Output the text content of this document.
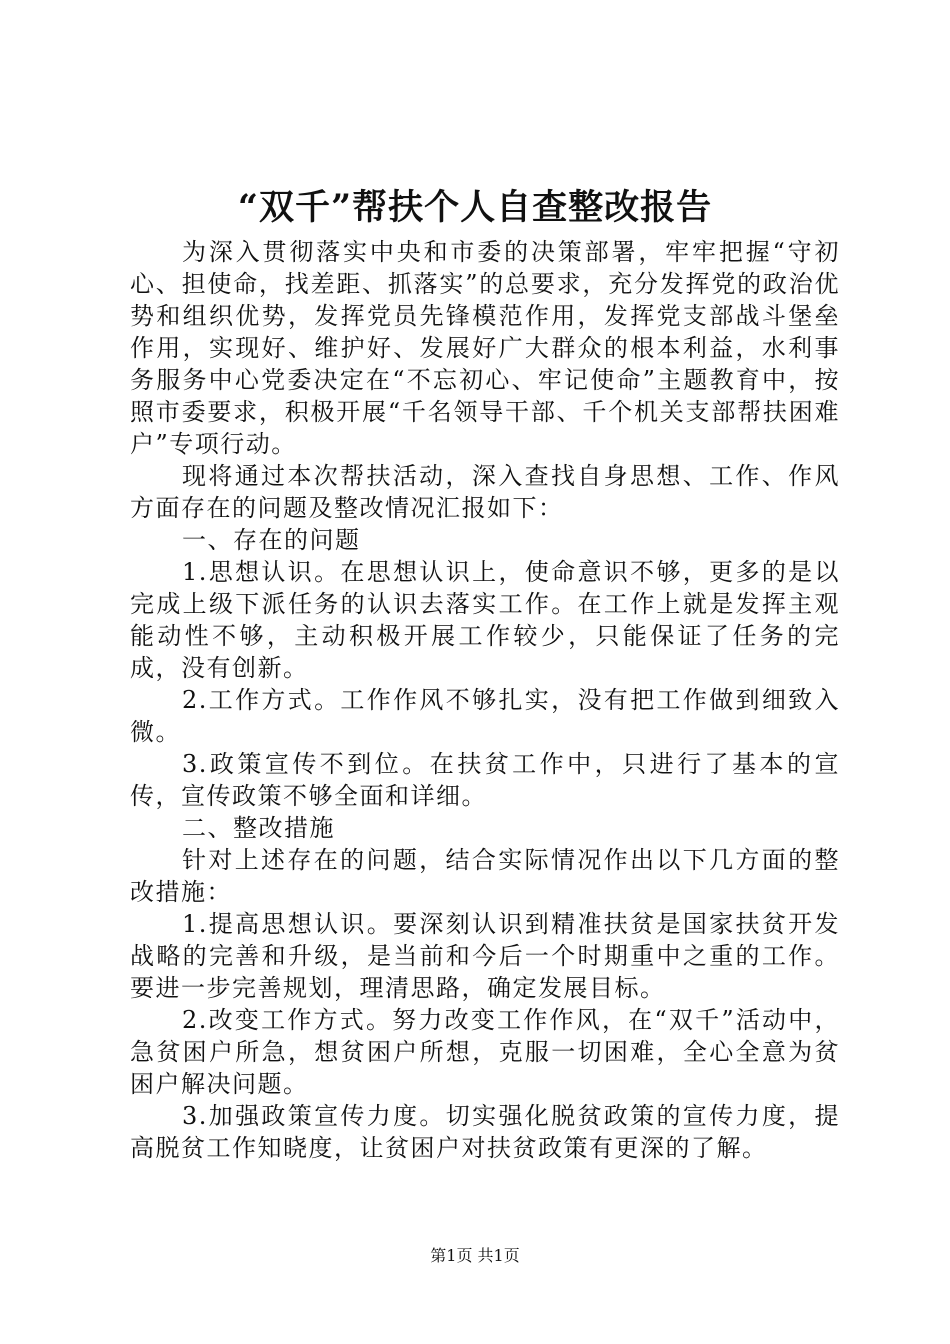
“双千”帮扶个人自查整改报告

为深入贯彻落实中央和市委的决策部署，牢牢把握“守初心、担使命，找差距、抓落实”的总要求，充分发挥党的政治优势和组织优势，发挥党员先锋模范作用，发挥党支部战斗堡垒作用，实现好、维护好、发展好广大群众的根本利益，水利事务服务中心党委决定在“不忘初心、牢记使命”主题教育中，按照市委要求，积极开展“千名领导干部、千个机关支部帮扶困难户”专项行动。

现将通过本次帮扶活动，深入查找自身思想、工作、作风方面存在的问题及整改情况汇报如下：

一、存在的问题

1.思想认识。在思想认识上，使命意识不够，更多的是以完成上级下派任务的认识去落实工作。在工作上就是发挥主观能动性不够，主动积极开展工作较少，只能保证了任务的完成，没有创新。

2.工作方式。工作作风不够扎实，没有把工作做到细致入微。

3.政策宣传不到位。在扶贫工作中，只进行了基本的宣传，宣传政策不够全面和详细。

二、整改措施

针对上述存在的问题，结合实际情况作出以下几方面的整改措施：

1.提高思想认识。要深刻认识到精准扶贫是国家扶贫开发战略的完善和升级，是当前和今后一个时期重中之重的工作。要进一步完善规划，理清思路，确定发展目标。

2.改变工作方式。努力改变工作作风，在“双千”活动中，急贫困户所急，想贫困户所想，克服一切困难，全心全意为贫困户解决问题。

3.加强政策宣传力度。切实强化脱贫政策的宣传力度，提高脱贫工作知晓度，让贫困户对扶贫政策有更深的了解。

第1页 共1页
